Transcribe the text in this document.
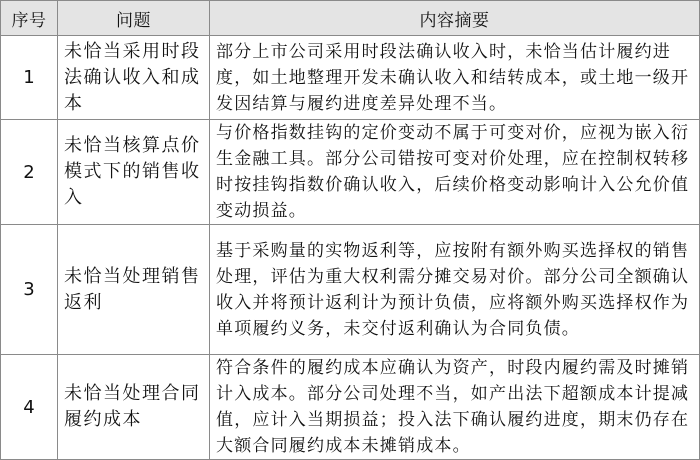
序号	问题	内容摘要
1	未恰当采用时段法确认收入和成本	部分上市公司采用时段法确认收入时，未恰当估计履约进度，如土地整理开发未确认收入和结转成本，或土地一级开发因结算与履约进度差异处理不当。
2	未恰当核算点价模式下的销售收入	与价格指数挂钩的定价变动不属于可变对价，应视为嵌入衍生金融工具。部分公司错按可变对价处理，应在控制权转移时按挂钩指数价确认收入，后续价格变动影响计入公允价值变动损益。
3	未恰当处理销售返利	基于采购量的实物返利等，应按附有额外购买选择权的销售处理，评估为重大权利需分摊交易对价。部分公司全额确认收入并将预计返利计为预计负债，应将额外购买选择权作为单项履约义务，未交付返利确认为合同负债。
4	未恰当处理合同履约成本	符合条件的履约成本应确认为资产，时段内履约需及时摊销计入成本。部分公司处理不当，如产出法下超额成本计提减值，应计入当期损益；投入法下确认履约进度，期末仍存在大额合同履约成本未摊销成本。
